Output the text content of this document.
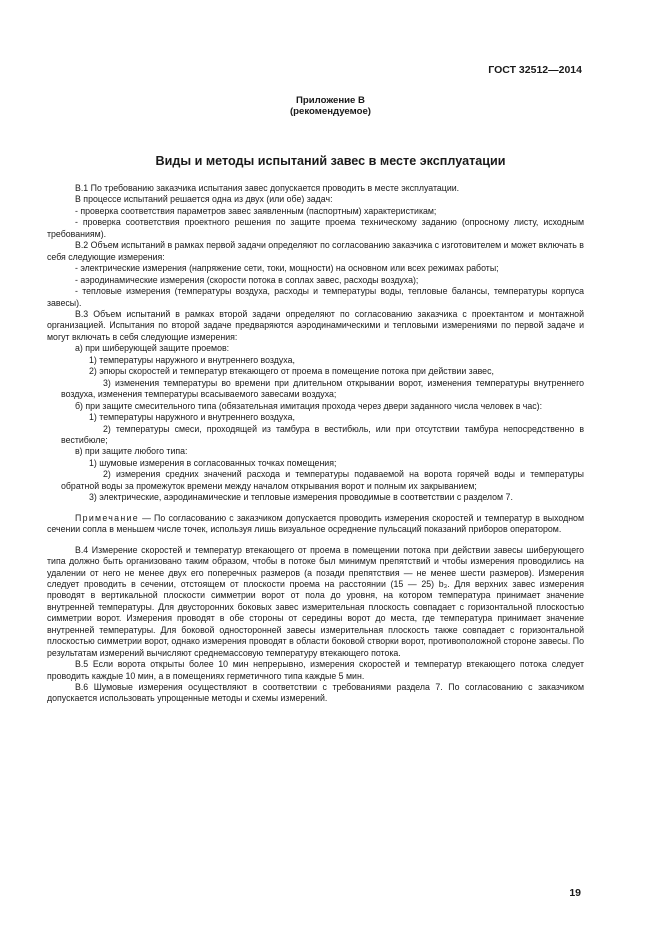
ГОСТ 32512—2014
Приложение В
(рекомендуемое)
Виды и методы испытаний завес в месте эксплуатации

В.1 По требованию заказчика испытания завес допускается проводить в месте эксплуатации.

В процессе испытаний решается одна из двух (или обе) задач:

- проверка соответствия параметров завес заявленным (паспортным) характеристикам;

- проверка соответствия проектного решения по защите проема техническому заданию (опросному листу, исходным требованиям).

В.2 Объем испытаний в рамках первой задачи определяют по согласованию заказчика с изготовителем и может включать в себя следующие измерения:

- электрические измерения (напряжение сети, токи, мощности) на основном или всех режимах работы;

- аэродинамические измерения (скорости потока в соплах завес, расходы воздуха);

- тепловые измерения (температуры воздуха, расходы и температуры воды, тепловые балансы, температуры корпуса завесы).

В.3 Объем испытаний в рамках второй задачи определяют по согласованию заказчика с проектантом и монтажной организацией. Испытания по второй задаче предваряются аэродинамическими и тепловыми измерениями по первой задаче и могут включать в себя следующие измерения:

а) при шиберующей защите проемов:

1) температуры наружного и внутреннего воздуха,

2) эпюры скоростей и температур втекающего от проема в помещение потока при действии завес,

3) изменения температуры во времени при длительном открывании ворот, изменения температуры внутреннего воздуха, изменения температуры всасываемого завесами воздуха;

б) при защите смесительного типа (обязательная имитация прохода через двери заданного числа человек в час):

1) температуры наружного и внутреннего воздуха,

2) температуры смеси, проходящей из тамбура в вестибюль, или при отсутствии тамбура непосредственно в вестибюле;

в) при защите любого типа:

1) шумовые измерения в согласованных точках помещения;

2) измерения средних значений расхода и температуры подаваемой на ворота горячей воды и температуры обратной воды за промежуток времени между началом открывания ворот и полным их закрыванием;

3) электрические, аэродинамические и тепловые измерения проводимые в соответствии с разделом 7.

Примечание — По согласованию с заказчиком допускается проводить измерения скоростей и температур в выходном сечении сопла в меньшем числе точек, используя лишь визуальное осреднение пульсаций показаний приборов оператором.

В.4 Измерение скоростей и температур втекающего от проема в помещении потока при действии завесы шиберующего типа должно быть организовано таким образом, чтобы в потоке был минимум препятствий и чтобы измерения проводились на удалении от него не менее двух его поперечных размеров (а позади препятствия — не менее шести размеров). Измерения следует проводить в сечении, отстоящем от плоскости проема на расстоянии (15 — 25) b₃. Для верхних завес измерения проводят в вертикальной плоскости симметрии ворот от пола до уровня, на котором температура принимает значение внутренней температуры. Для двусторонних боковых завес измерительная плоскость совпадает с горизонтальной плоскостью симметрии ворот. Измерения проводят в обе стороны от середины ворот до места, где температура принимает значение внутренней температуры. Для боковой односторонней завесы измерительная плоскость также совпадает с горизонтальной плоскостью симметрии ворот, однако измерения проводят в области боковой створки ворот, противоположной стороне завесы. По результатам измерений вычисляют среднемассовую температуру втекающего потока.

В.5 Если ворота открыты более 10 мин непрерывно, измерения скоростей и температур втекающего потока следует проводить каждые 10 мин, а в помещениях герметичного типа каждые 5 мин.

В.6 Шумовые измерения осуществляют в соответствии с требованиями раздела 7. По согласованию с заказчиком допускается использовать упрощенные методы и схемы измерений.

19
